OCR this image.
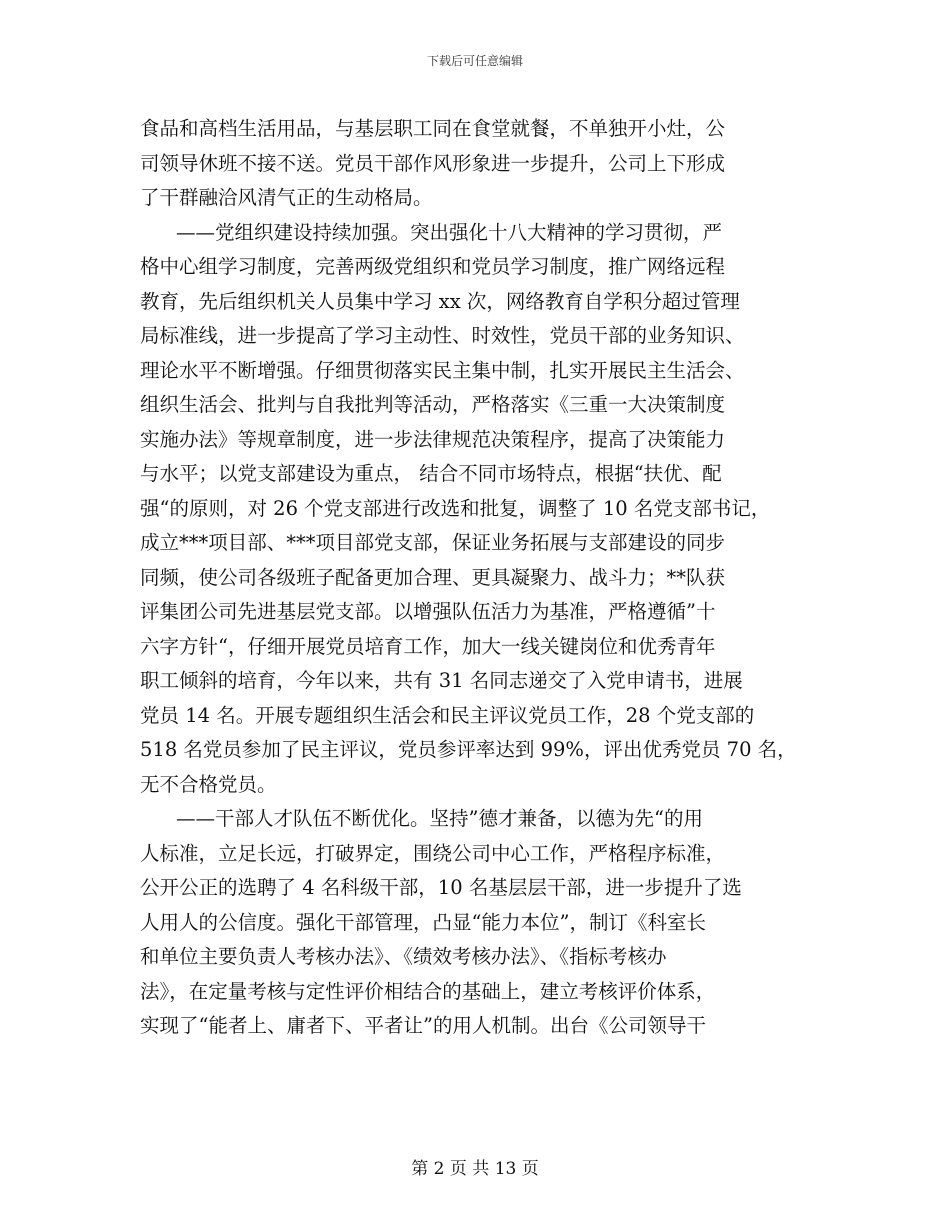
下载后可任意编辑
食品和高档生活用品，与基层职工同在食堂就餐，不单独开小灶，公
司领导休班不接不送。党员干部作风形象进一步提升，公司上下形成
了干群融洽风清气正的生动格局。
——党组织建设持续加强。突出强化十八大精神的学习贯彻，严
格中心组学习制度，完善两级党组织和党员学习制度，推广网络远程
教育，先后组织机关人员集中学习 xx 次，网络教育自学积分超过管理
局标准线，进一步提高了学习主动性、时效性，党员干部的业务知识、
理论水平不断增强。仔细贯彻落实民主集中制，扎实开展民主生活会、
组织生活会、批判与自我批判等活动，严格落实《三重一大决策制度
实施办法》等规章制度，进一步法律规范决策程序，提高了决策能力
与水平；以党支部建设为重点， 结合不同市场特点，根据“扶优、配
强“的原则，对 26 个党支部进行改选和批复，调整了 10 名党支部书记，
成立***项目部、***项目部党支部，保证业务拓展与支部建设的同步
同频，使公司各级班子配备更加合理、更具凝聚力、战斗力；**队获
评集团公司先进基层党支部。以增强队伍活力为基准，严格遵循”十
六字方针“，仔细开展党员培育工作，加大一线关键岗位和优秀青年
职工倾斜的培育，今年以来，共有 31 名同志递交了入党申请书，进展
党员 14 名。开展专题组织生活会和民主评议党员工作，28 个党支部的
518 名党员参加了民主评议，党员参评率达到 99%，评出优秀党员 70 名，
无不合格党员。
——干部人才队伍不断优化。坚持”德才兼备，以德为先“的用
人标准，立足长远，打破界定，围绕公司中心工作，严格程序标准，
公开公正的选聘了 4 名科级干部，10 名基层层干部，进一步提升了选
人用人的公信度。强化干部管理，凸显“能力本位”，制订《科室长
和单位主要负责人考核办法》、《绩效考核办法》、《指标考核办
法》，在定量考核与定性评价相结合的基础上，建立考核评价体系，
实现了“能者上、庸者下、平者让”的用人机制。出台《公司领导干
第 2 页 共 13 页
